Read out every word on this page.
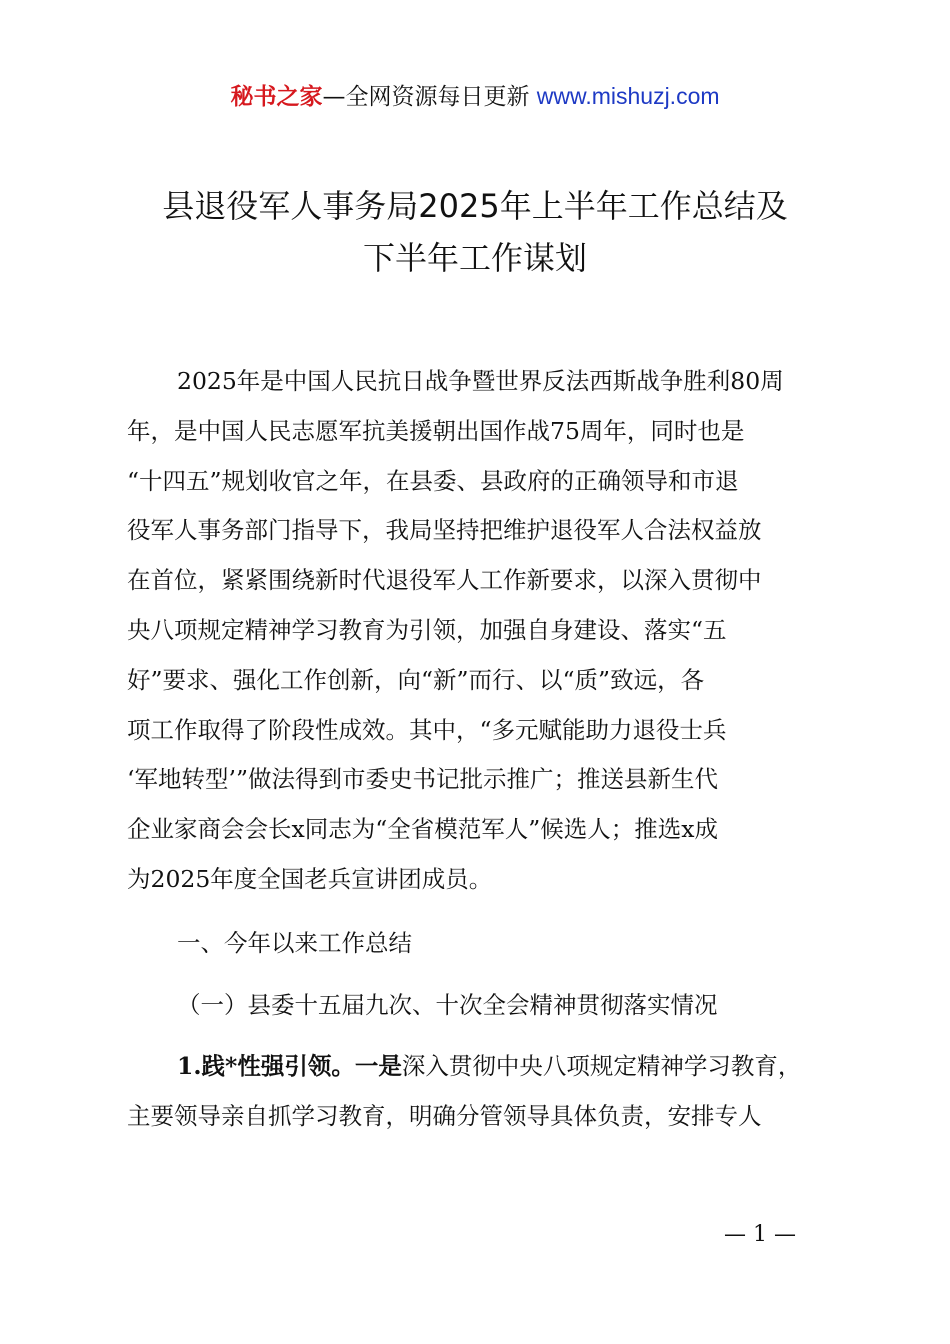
秘书之家—全网资源每日更新 www.mishuzj.com
县退役军人事务局2025年上半年工作总结及
下半年工作谋划
2025年是中国人民抗日战争暨世界反法西斯战争胜利80周
年，是中国人民志愿军抗美援朝出国作战75周年，同时也是
“十四五”规划收官之年，在县委、县政府的正确领导和市退
役军人事务部门指导下，我局坚持把维护退役军人合法权益放
在首位，紧紧围绕新时代退役军人工作新要求，以深入贯彻中
央八项规定精神学习教育为引领，加强自身建设、落实“五
好”要求、强化工作创新，向“新”而行、以“质”致远，各
项工作取得了阶段性成效。其中，“多元赋能助力退役士兵
‘军地转型’”做法得到市委史书记批示推广；推送县新生代
企业家商会会长x同志为“全省模范军人”候选人；推选x成
为2025年度全国老兵宣讲团成员。
一、今年以来工作总结
（一）县委十五届九次、十次全会精神贯彻落实情况
1.践*性强引领。一是深入贯彻中央八项规定精神学习教育，
主要领导亲自抓学习教育，明确分管领导具体负责，安排专人
— 1 —
